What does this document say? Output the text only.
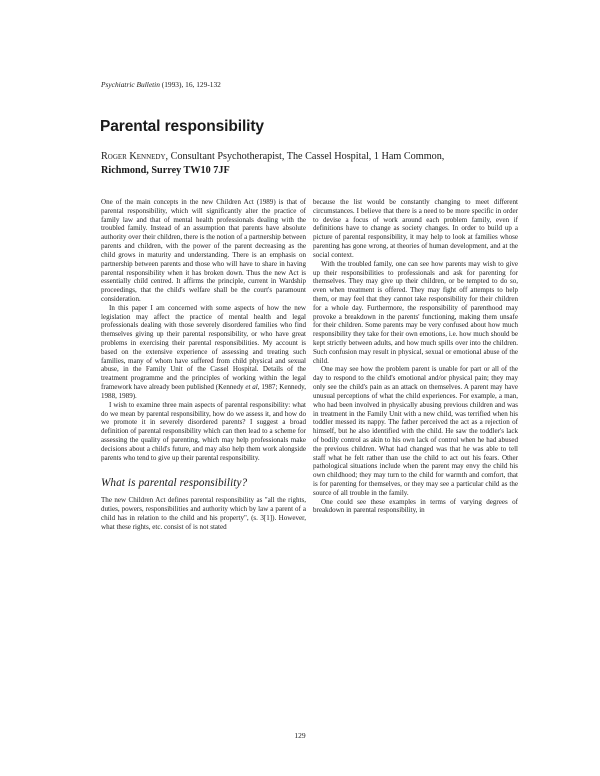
Psychiatric Bulletin (1993), 16, 129-132
Parental responsibility
Roger Kennedy, Consultant Psychotherapist, The Cassel Hospital, 1 Ham Common,
Richmond, Surrey TW10 7JF

One of the main concepts in the new Children Act (1989) is that of parental responsibility, which will significantly alter the practice of family law and that of mental health professionals dealing with the troubled family. Instead of an assumption that parents have absolute authority over their children, there is the notion of a partnership between parents and children, with the power of the parent decreasing as the child grows in maturity and understanding. There is an emphasis on partnership between parents and those who will have to share in having parental responsibility when it has broken down. Thus the new Act is essentially child centred. It affirms the principle, current in Wardship proceedings, that the child's welfare shall be the court's paramount consideration.

In this paper I am concerned with some aspects of how the new legislation may affect the practice of mental health and legal professionals dealing with those severely disordered families who find themselves giving up their parental responsibility, or who have great problems in exercising their parental responsibilities. My account is based on the extensive experience of assessing and treating such families, many of whom have suffered from child physical and sexual abuse, in the Family Unit of the Cassel Hospital. Details of the treatment programme and the principles of working within the legal framework have already been published (Kennedy et al, 1987; Kennedy, 1988, 1989).

I wish to examine three main aspects of parental responsibility: what do we mean by parental responsibility, how do we assess it, and how do we promote it in severely disordered parents? I suggest a broad definition of parental responsibility which can then lead to a scheme for assessing the quality of parenting, which may help professionals make decisions about a child's future, and may also help them work alongside parents who tend to give up their parental responsibility.

What is parental responsibility?

The new Children Act defines parental responsibility as "all the rights, duties, powers, responsibilities and authority which by law a parent of a child has in relation to the child and his property", (s. 3[1]). However, what these rights, etc. consist of is not stated

because the list would be constantly changing to meet different circumstances. I believe that there is a need to be more specific in order to devise a focus of work around each problem family, even if definitions have to change as society changes. In order to build up a picture of parental responsibility, it may help to look at families whose parenting has gone wrong, at theories of human development, and at the social context.

With the troubled family, one can see how parents may wish to give up their responsibilities to professionals and ask for parenting for themselves. They may give up their children, or be tempted to do so, even when treatment is offered. They may fight off attempts to help them, or may feel that they cannot take responsibility for their children for a whole day. Furthermore, the responsibility of parenthood may provoke a breakdown in the parents' functioning, making them unsafe for their children. Some parents may be very confused about how much responsibility they take for their own emotions, i.e. how much should be kept strictly between adults, and how much spills over into the children. Such confusion may result in physical, sexual or emotional abuse of the child.

One may see how the problem parent is unable for part or all of the day to respond to the child's emotional and/or physical pain; they may only see the child's pain as an attack on themselves. A parent may have unusual perceptions of what the child experiences. For example, a man, who had been involved in physically abusing previous children and was in treatment in the Family Unit with a new child, was terrified when his toddler messed its nappy. The father perceived the act as a rejection of himself, but he also identified with the child. He saw the toddler's lack of bodily control as akin to his own lack of control when he had abused the previous children. What had changed was that he was able to tell staff what he felt rather than use the child to act out his fears. Other pathological situations include when the parent may envy the child his own childhood; they may turn to the child for warmth and comfort, that is for parenting for themselves, or they may see a particular child as the source of all trouble in the family.

One could see these examples in terms of varying degrees of breakdown in parental responsibility, in

129
